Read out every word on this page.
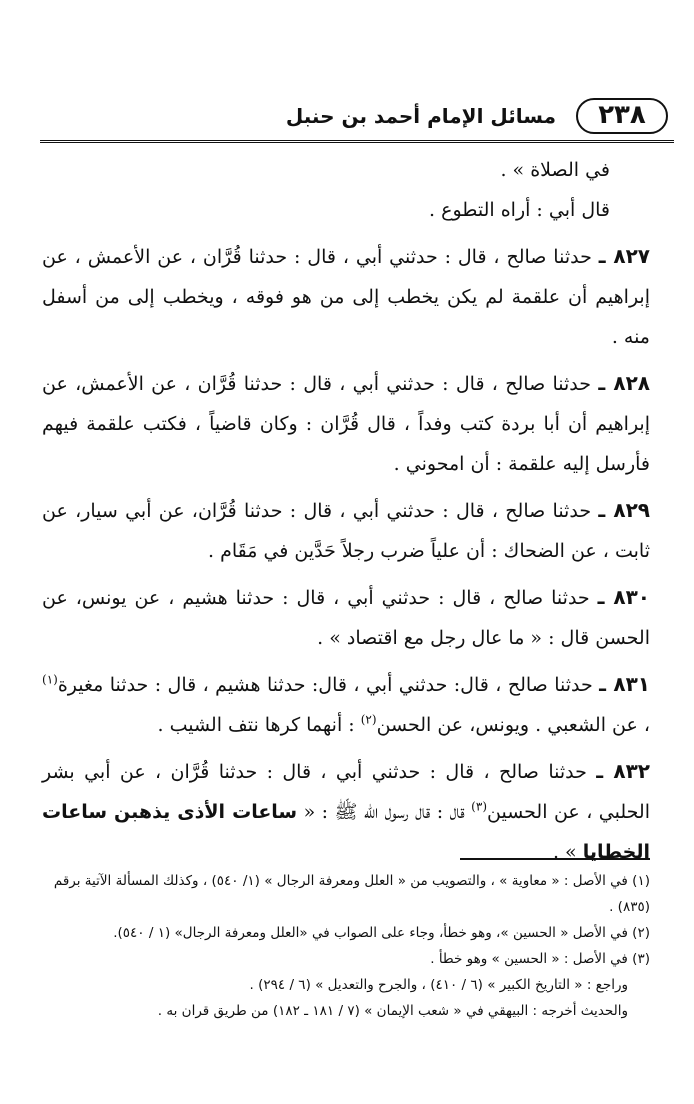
٢٣٨
مسائل الإمام أحمد بن حنبل

في الصلاة » .

قال أبي : أراه التطوع .

٨٢٧ ـ حدثنا صالح ، قال : حدثني أبي ، قال : حدثنا قُرَّان ، عن الأعمش ، عن إبراهيم أن علقمة لم يكن يخطب إلى من هو فوقه ، ويخطب إلى من أسفل منه .

٨٢٨ ـ حدثنا صالح ، قال : حدثني أبي ، قال : حدثنا قُرَّان ، عن الأعمش، عن إبراهيم أن أبا بردة كتب وفداً ، قال قُرَّان : وكان قاضياً ، فكتب علقمة فيهم فأرسل إليه علقمة : أن امحوني .

٨٢٩ ـ حدثنا صالح ، قال : حدثني أبي ، قال : حدثنا قُرَّان، عن أبي سيار، عن ثابت ، عن الضحاك : أن علياً ضرب رجلاً حَدَّين في مَقَام .

٨٣٠ ـ حدثنا صالح ، قال : حدثني أبي ، قال : حدثنا هشيم ، عن يونس، عن الحسن قال : « ما عال رجل مع اقتصاد » .

٨٣١ ـ حدثنا صالح ، قال: حدثني أبي ، قال: حدثنا هشيم ، قال : حدثنا مغيرة$^{(١)}$ ، عن الشعبي . ويونس، عن الحسن$^{(٢)}$ : أنهما كرها نتف الشيب .

٨٣٢ ـ حدثنا صالح ، قال : حدثني أبي ، قال : حدثنا قُرَّان ، عن أبي بشر الحلبي ، عن الحسين$^{(٣)}$ قال : قال رسول الله ﷺ : « ساعات الأذى يذهبن ساعات الخطايا » .

(١) في الأصل : « معاوية » ، والتصويب من « العلل ومعرفة الرجال » (١/ ٥٤٠) ، وكذلك المسألة الآتية برقم (٨٣٥) .

(٢) في الأصل « الحسين »، وهو خطأ، وجاء على الصواب في «العلل ومعرفة الرجال» (١ / ٥٤٠).

(٣) في الأصل : « الحسين » وهو خطأ .

وراجع : « التاريخ الكبير » (٦ / ٤١٠) ، والجرح والتعديل » (٦ / ٢٩٤) .

والحديث أخرجه : البيهقي في « شعب الإيمان » (٧ / ١٨١ ـ ١٨٢) من طريق قران به .
